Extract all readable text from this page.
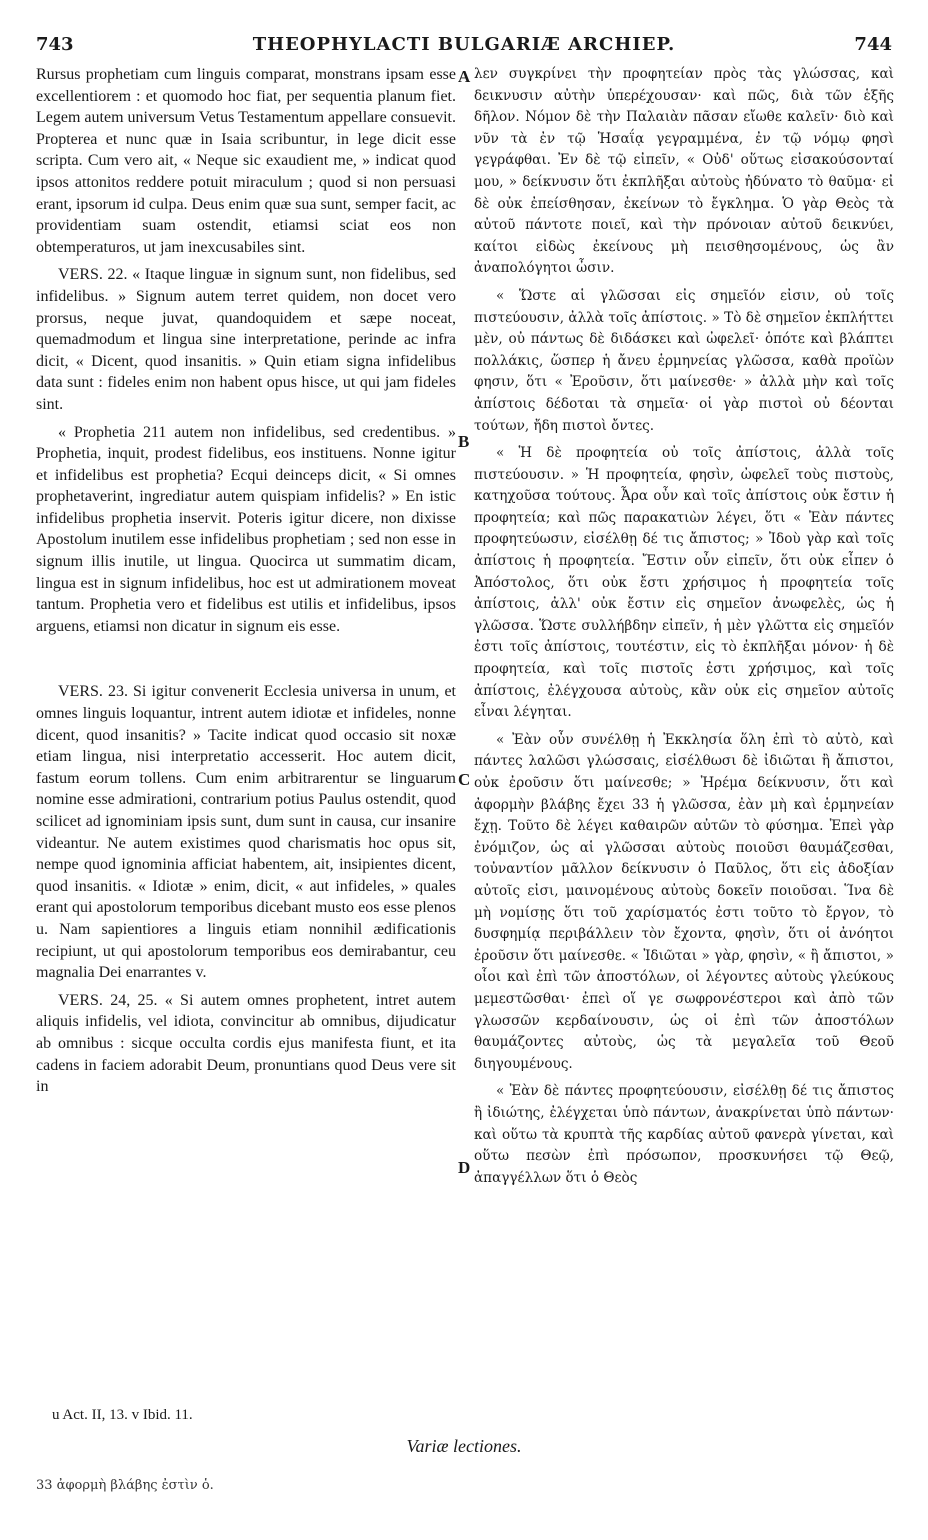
743	THEOPHYLACTI BULGARIÆ ARCHIEP.	744

Rursus prophetiam cum linguis comparat, monstrans ipsam esse excellentiorem : et quomodo hoc fiat, per sequentia planum fiet. Legem autem universum Vetus Testamentum appellare consuevit. Propterea et nunc quæ in Isaia scribuntur, in lege dicit esse scripta. Cum vero ait, « Neque sic exaudient me, » indicat quod ipsos attonitos reddere potuit miraculum ; quod si non persuasi erant, ipsorum id culpa. Deus enim quæ sua sunt, semper facit, ac providentiam suam ostendit, etiamsi sciat eos non obtemperaturos, ut jam inexcusabiles sint.

VERS. 22. « Itaque linguæ in signum sunt, non fidelibus, sed infidelibus. » Signum autem terret quidem, non docet vero prorsus, neque juvat, quandoquidem et sæpe noceat, quemadmodum et lingua sine interpretatione, perinde ac infra dicit, « Dicent, quod insanitis. » Quin etiam signa infidelibus data sunt : fideles enim non habent opus hisce, ut qui jam fideles sint.

« Prophetia 211 autem non infidelibus, sed credentibus. » Prophetia, inquit, prodest fidelibus, eos instituens. Nonne igitur et infidelibus est prophetia? Ecqui deinceps dicit, « Si omnes prophetaverint, ingrediatur autem quispiam infidelis? » En istic infidelibus prophetia inservit. Poteris igitur dicere, non dixisse Apostolum inutilem esse infidelibus prophetiam ; sed non esse in signum illis inutile, ut lingua. Quocirca ut summatim dicam, lingua est in signum infidelibus, hoc est ut admirationem moveat tantum. Prophetia vero et fidelibus est utilis et infidelibus, ipsos arguens, etiamsi non dicatur in signum eis esse.

VERS. 23. Si igitur convenerit Ecclesia universa in unum, et omnes linguis loquantur, intrent autem idiotæ et infideles, nonne dicent, quod insanitis? » Tacite indicat quod occasio sit noxæ etiam lingua, nisi interpretatio accesserit. Hoc autem dicit, fastum eorum tollens. Cum enim arbitrarentur se linguarum nomine esse admirationi, contrarium potius Paulus ostendit, quod scilicet ad ignominiam ipsis sunt, dum sunt in causa, cur insanire videantur. Ne autem existimes quod charismatis hoc opus sit, nempe quod ignominia afficiat habentem, ait, insipientes dicent, quod insanitis. « Idiotæ » enim, dicit, « aut infideles, » quales erant qui apostolorum temporibus dicebant musto eos esse plenos u. Nam sapientiores a linguis etiam nonnihil ædificationis recipiunt, ut qui apostolorum temporibus eos demirabantur, ceu magnalia Dei enarrantes v.

VERS. 24, 25. « Si autem omnes prophetent, intret autem aliquis infidelis, vel idiota, convincitur ab omnibus, dijudicatur ab omnibus : sicque occulta cordis ejus manifesta fiunt, et ita cadens in faciem adorabit Deum, pronuntians quod Deus vere sit in

A
B
C
D

λεν συγκρίνει τὴν προφητείαν πρὸς τὰς γλώσσας, καὶ δεικνυσιν αὐτὴν ὑπερέχουσαν· καὶ πῶς, διὰ τῶν ἑξῆς δῆλον. Νόμον δὲ τὴν Παλαιὰν πᾶσαν εἴωθε καλεῖν· διὸ καὶ νῦν τὰ ἐν τῷ Ἡσαΐᾳ γεγραμμένα, ἐν τῷ νόμῳ φησὶ γεγράφθαι. Ἐν δὲ τῷ εἰπεῖν, « Οὐδ' οὕτως εἰσακούσονταί μου, » δείκνυσιν ὅτι ἐκπλῆξαι αὐτοὺς ἠδύνατο τὸ θαῦμα· εἰ δὲ οὐκ ἐπείσθησαν, ἐκείνων τὸ ἔγκλημα. Ὁ γὰρ Θεὸς τὰ αὐτοῦ πάντοτε ποιεῖ, καὶ τὴν πρόνοιαν αὐτοῦ δεικνύει, καίτοι εἰδὼς ἐκείνους μὴ πεισθησομένους, ὡς ἂν ἀναπολόγητοι ὦσιν.

« Ὥστε αἱ γλῶσσαι εἰς σημεῖόν εἰσιν, οὐ τοῖς πιστεύουσιν, ἀλλὰ τοῖς ἀπίστοις. » Τὸ δὲ σημεῖον ἐκπλήττει μὲν, οὐ πάντως δὲ διδάσκει καὶ ὠφελεῖ· ὁπότε καὶ βλάπτει πολλάκις, ὥσπερ ἡ ἄνευ ἑρμηνείας γλῶσσα, καθὰ προϊὼν φησιν, ὅτι « Ἐροῦσιν, ὅτι μαίνεσθε· » ἀλλὰ μὴν καὶ τοῖς ἀπίστοις δέδοται τὰ σημεῖα· οἱ γὰρ πιστοὶ οὐ δέονται τούτων, ἤδη πιστοὶ ὄντες.

« Ἡ δὲ προφητεία οὐ τοῖς ἀπίστοις, ἀλλὰ τοῖς πιστεύουσιν. » Ἡ προφητεία, φησὶν, ὠφελεῖ τοὺς πιστοὺς, κατηχοῦσα τούτους. Ἆρα οὖν καὶ τοῖς ἀπίστοις οὐκ ἔστιν ἡ προφητεία; καὶ πῶς παρακατιὼν λέγει, ὅτι « Ἐὰν πάντες προφητεύωσιν, εἰσέλθῃ δέ τις ἄπιστος; » Ἰδοὺ γὰρ καὶ τοῖς ἀπίστοις ἡ προφητεία. Ἔστιν οὖν εἰπεῖν, ὅτι οὐκ εἶπεν ὁ Ἀπόστολος, ὅτι οὐκ ἔστι χρήσιμος ἡ προφητεία τοῖς ἀπίστοις, ἀλλ' οὐκ ἔστιν εἰς σημεῖον ἀνωφελὲς, ὡς ἡ γλῶσσα. Ὥστε συλλήβδην εἰπεῖν, ἡ μὲν γλῶττα εἰς σημεῖόν ἐστι τοῖς ἀπίστοις, τουτέστιν, εἰς τὸ ἐκπλῆξαι μόνον· ἡ δὲ προφητεία, καὶ τοῖς πιστοῖς ἐστι χρήσιμος, καὶ τοῖς ἀπίστοις, ἐλέγχουσα αὐτοὺς, κἂν οὐκ εἰς σημεῖον αὐτοῖς εἶναι λέγηται.

« Ἐὰν οὖν συνέλθῃ ἡ Ἐκκλησία ὅλη ἐπὶ τὸ αὐτὸ, καὶ πάντες λαλῶσι γλώσσαις, εἰσέλθωσι δὲ ἰδιῶται ἢ ἄπιστοι, οὐκ ἐροῦσιν ὅτι μαίνεσθε; » Ἠρέμα δείκνυσιν, ὅτι καὶ ἀφορμὴν βλάβης ἔχει 33 ἡ γλῶσσα, ἐὰν μὴ καὶ ἑρμηνείαν ἔχῃ. Τοῦτο δὲ λέγει καθαιρῶν αὐτῶν τὸ φύσημα. Ἐπεὶ γὰρ ἐνόμιζον, ὡς αἱ γλῶσσαι αὐτοὺς ποιοῦσι θαυμάζεσθαι, τοὐναντίον μᾶλλον δείκνυσιν ὁ Παῦλος, ὅτι εἰς ἀδοξίαν αὐτοῖς εἰσι, μαινομένους αὐτοὺς δοκεῖν ποιοῦσαι. Ἵνα δὲ μὴ νομίσῃς ὅτι τοῦ χαρίσματός ἐστι τοῦτο τὸ ἔργον, τὸ δυσφημίᾳ περιβάλλειν τὸν ἔχοντα, φησὶν, ὅτι οἱ ἀνόητοι ἐροῦσιν ὅτι μαίνεσθε. « Ἰδιῶται » γὰρ, φησὶν, « ἢ ἄπιστοι, » οἷοι καὶ ἐπὶ τῶν ἀποστόλων, οἱ λέγοντες αὐτοὺς γλεύκους μεμεστῶσθαι· ἐπεὶ οἵ γε σωφρονέστεροι καὶ ἀπὸ τῶν γλωσσῶν κερδαίνουσιν, ὡς οἱ ἐπὶ τῶν ἀποστόλων θαυμάζοντες αὐτοὺς, ὡς τὰ μεγαλεῖα τοῦ Θεοῦ διηγουμένους.

« Ἐὰν δὲ πάντες προφητεύουσιν, εἰσέλθῃ δέ τις ἄπιστος ἢ ἰδιώτης, ἐλέγχεται ὑπὸ πάντων, ἀνακρίνεται ὑπὸ πάντων· καὶ οὕτω τὰ κρυπτὰ τῆς καρδίας αὐτοῦ φανερὰ γίνεται, καὶ οὕτω πεσὼν ἐπὶ πρόσωπον, προσκυνήσει τῷ Θεῷ, ἀπαγγέλλων ὅτι ὁ Θεὸς

u Act. II, 13. v Ibid. 11.
Variæ lectiones.
33 ἀφορμὴ βλάβης ἐστὶν ὁ.
